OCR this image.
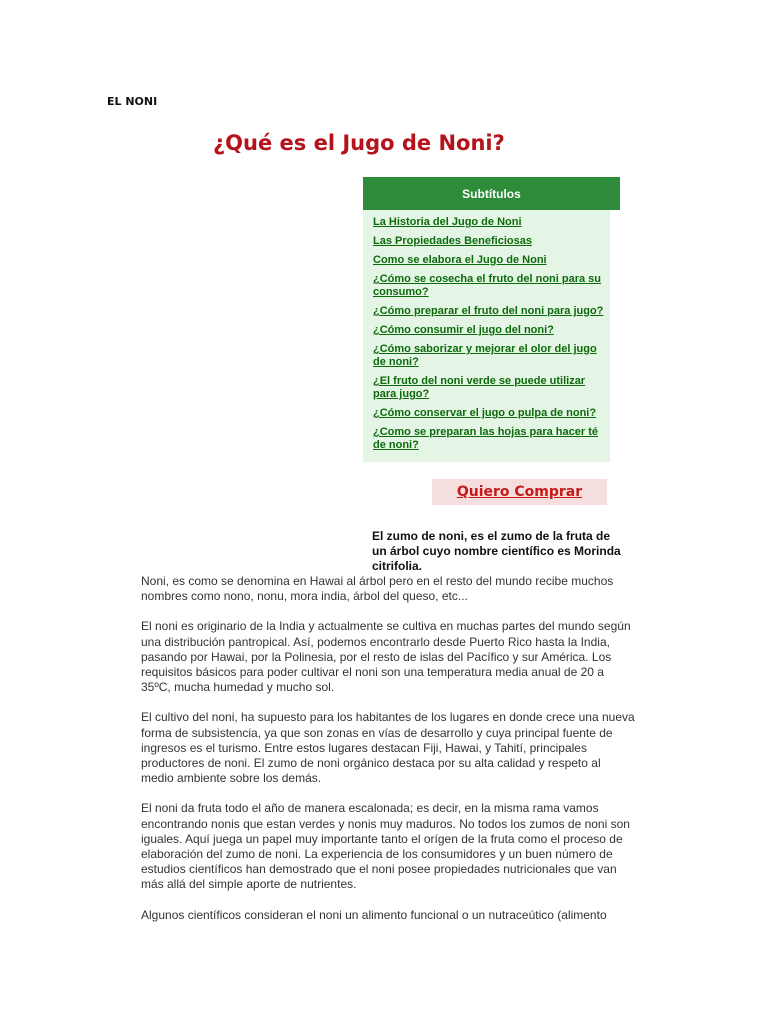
EL NONI
¿Qué es el Jugo de Noni?
Subtítulos
La Historia del Jugo de Noni
Las Propiedades Beneficiosas
Como se elabora el Jugo de Noni
¿Cómo se cosecha el fruto del noni para su consumo?
¿Cómo preparar el fruto del noni para jugo?
¿Cómo consumir el jugo del noni?
¿Cómo saborizar y mejorar el olor del jugo de noni?
¿El fruto del noni verde se puede utilizar para jugo?
¿Cómo conservar el jugo o pulpa de noni?
¿Como se preparan las hojas para hacer té de noni?
Quiero Comprar

El zumo de noni, es el zumo de la fruta de un árbol cuyo nombre científico es Morinda citrifolia.

Noni, es como se denomina en Hawai al árbol pero en el resto del mundo recibe muchos nombres como nono, nonu, mora india, árbol del queso, etc...

El noni es originario de la India y actualmente se cultiva en muchas partes del mundo según una distribución pantropical. Así, podemos encontrarlo desde Puerto Rico hasta la India, pasando por Hawai, por la Polinesia, por el resto de islas del Pacífico y sur América. Los requisitos básicos para poder cultivar el noni son una temperatura media anual de 20 a 35ºC, mucha humedad y mucho sol.

El cultivo del noni, ha supuesto para los habitantes de los lugares en donde crece una nueva forma de subsistencia, ya que son zonas en vías de desarrollo y cuya principal fuente de ingresos es el turismo. Entre estos lugares destacan Fiji, Hawai, y Tahití, principales productores de noni. El zumo de noni orgánico destaca por su alta calidad y respeto al medio ambiente sobre los demás.

El noni da fruta todo el año de manera escalonada; es decir, en la misma rama vamos encontrando nonis que estan verdes y nonis muy maduros. No todos los zumos de noni son iguales. Aquí juega un papel muy importante tanto el orígen de la fruta como el proceso de elaboración del zumo de noni. La experiencia de los consumidores y un buen número de estudios científicos han demostrado que el noni posee propiedades nutricionales que van más allá del simple aporte de nutrientes.

Algunos científicos consideran el noni un alimento funcional o un nutraceútico (alimento
